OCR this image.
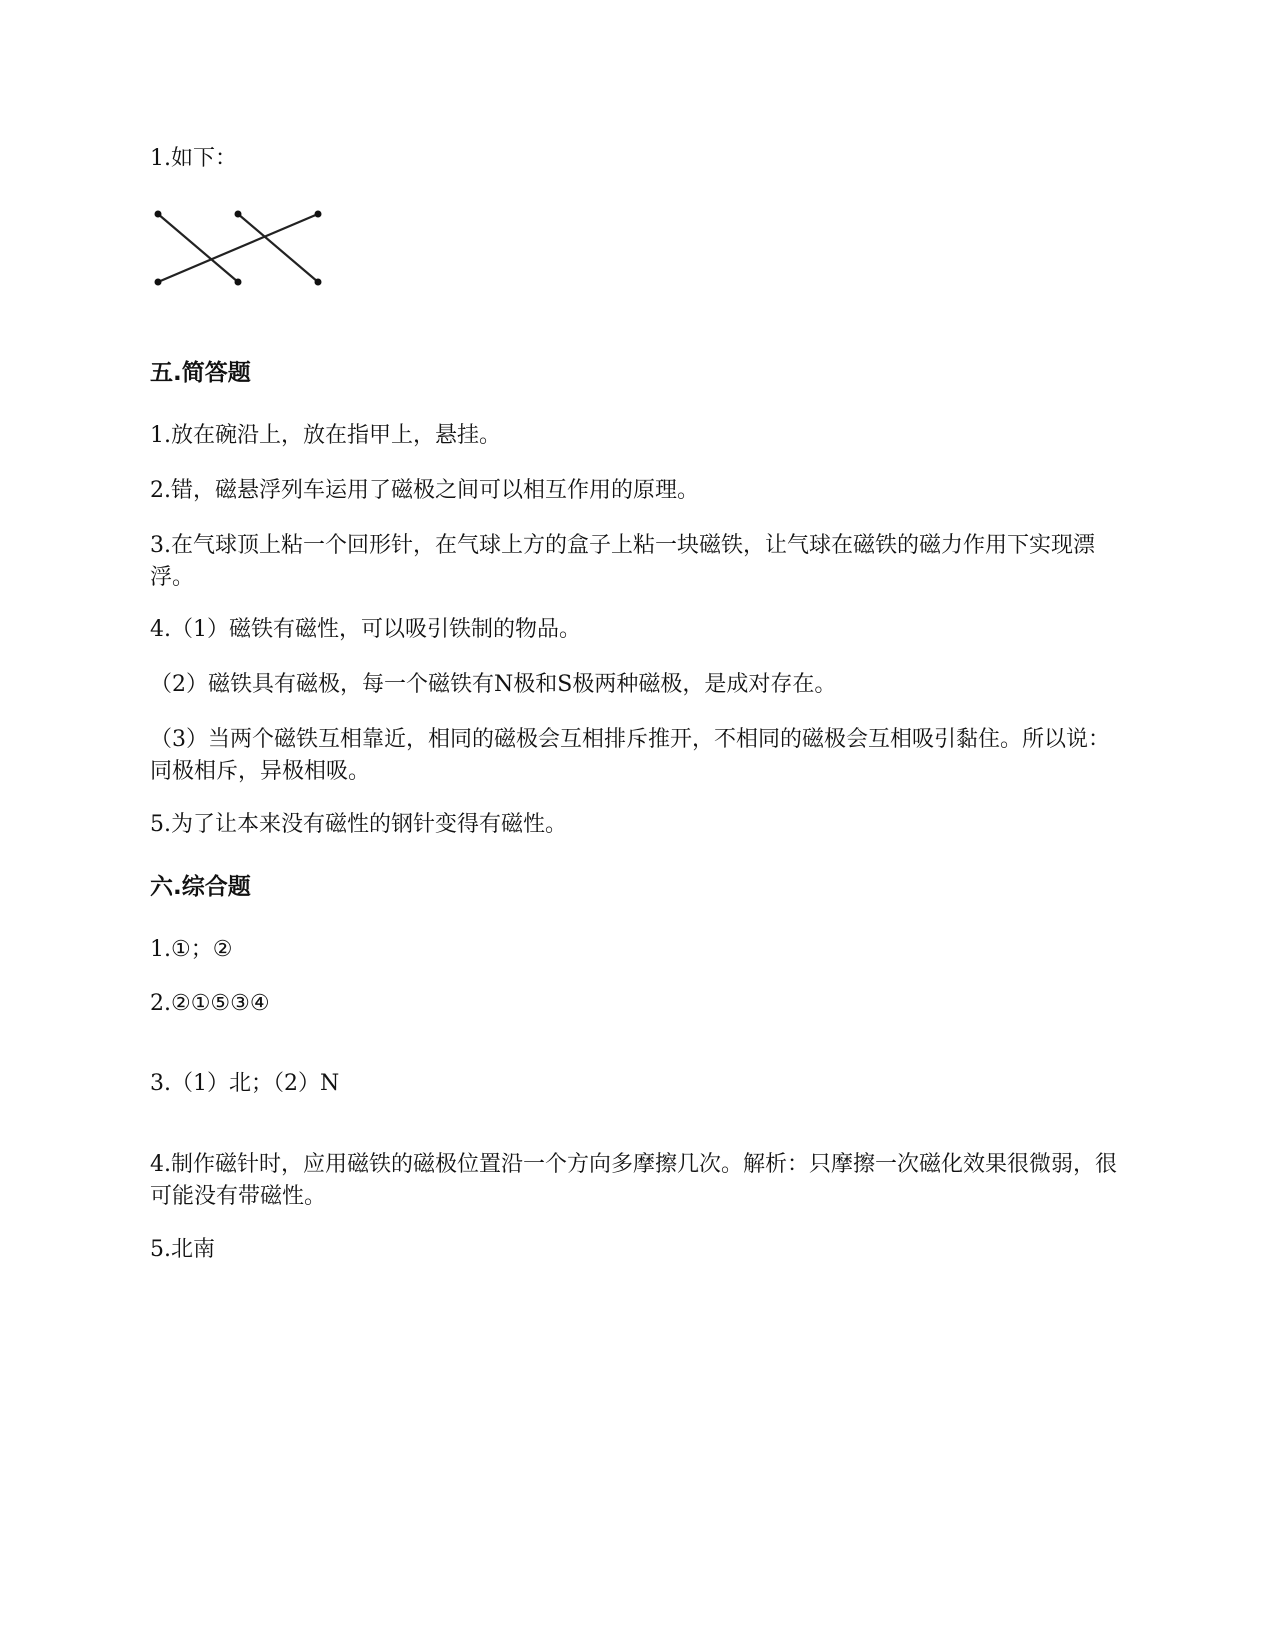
1.如下：
五.简答题
1.放在碗沿上，放在指甲上，悬挂。
2.错，磁悬浮列车运用了磁极之间可以相互作用的原理。
3.在气球顶上粘一个回形针，在气球上方的盒子上粘一块磁铁，让气球在磁铁的磁力作用下实现漂浮。
4.（1）磁铁有磁性，可以吸引铁制的物品。
（2）磁铁具有磁极，每一个磁铁有N极和S极两种磁极，是成对存在。
（3）当两个磁铁互相靠近，相同的磁极会互相排斥推开，不相同的磁极会互相吸引黏住。所以说：同极相斥，异极相吸。
5.为了让本来没有磁性的钢针变得有磁性。
六.综合题
1.①；②
2.②①⑤③④
3.（1）北；（2）N
4.制作磁针时，应用磁铁的磁极位置沿一个方向多摩擦几次。解析：只摩擦一次磁化效果很微弱，很可能没有带磁性。
5.北南
